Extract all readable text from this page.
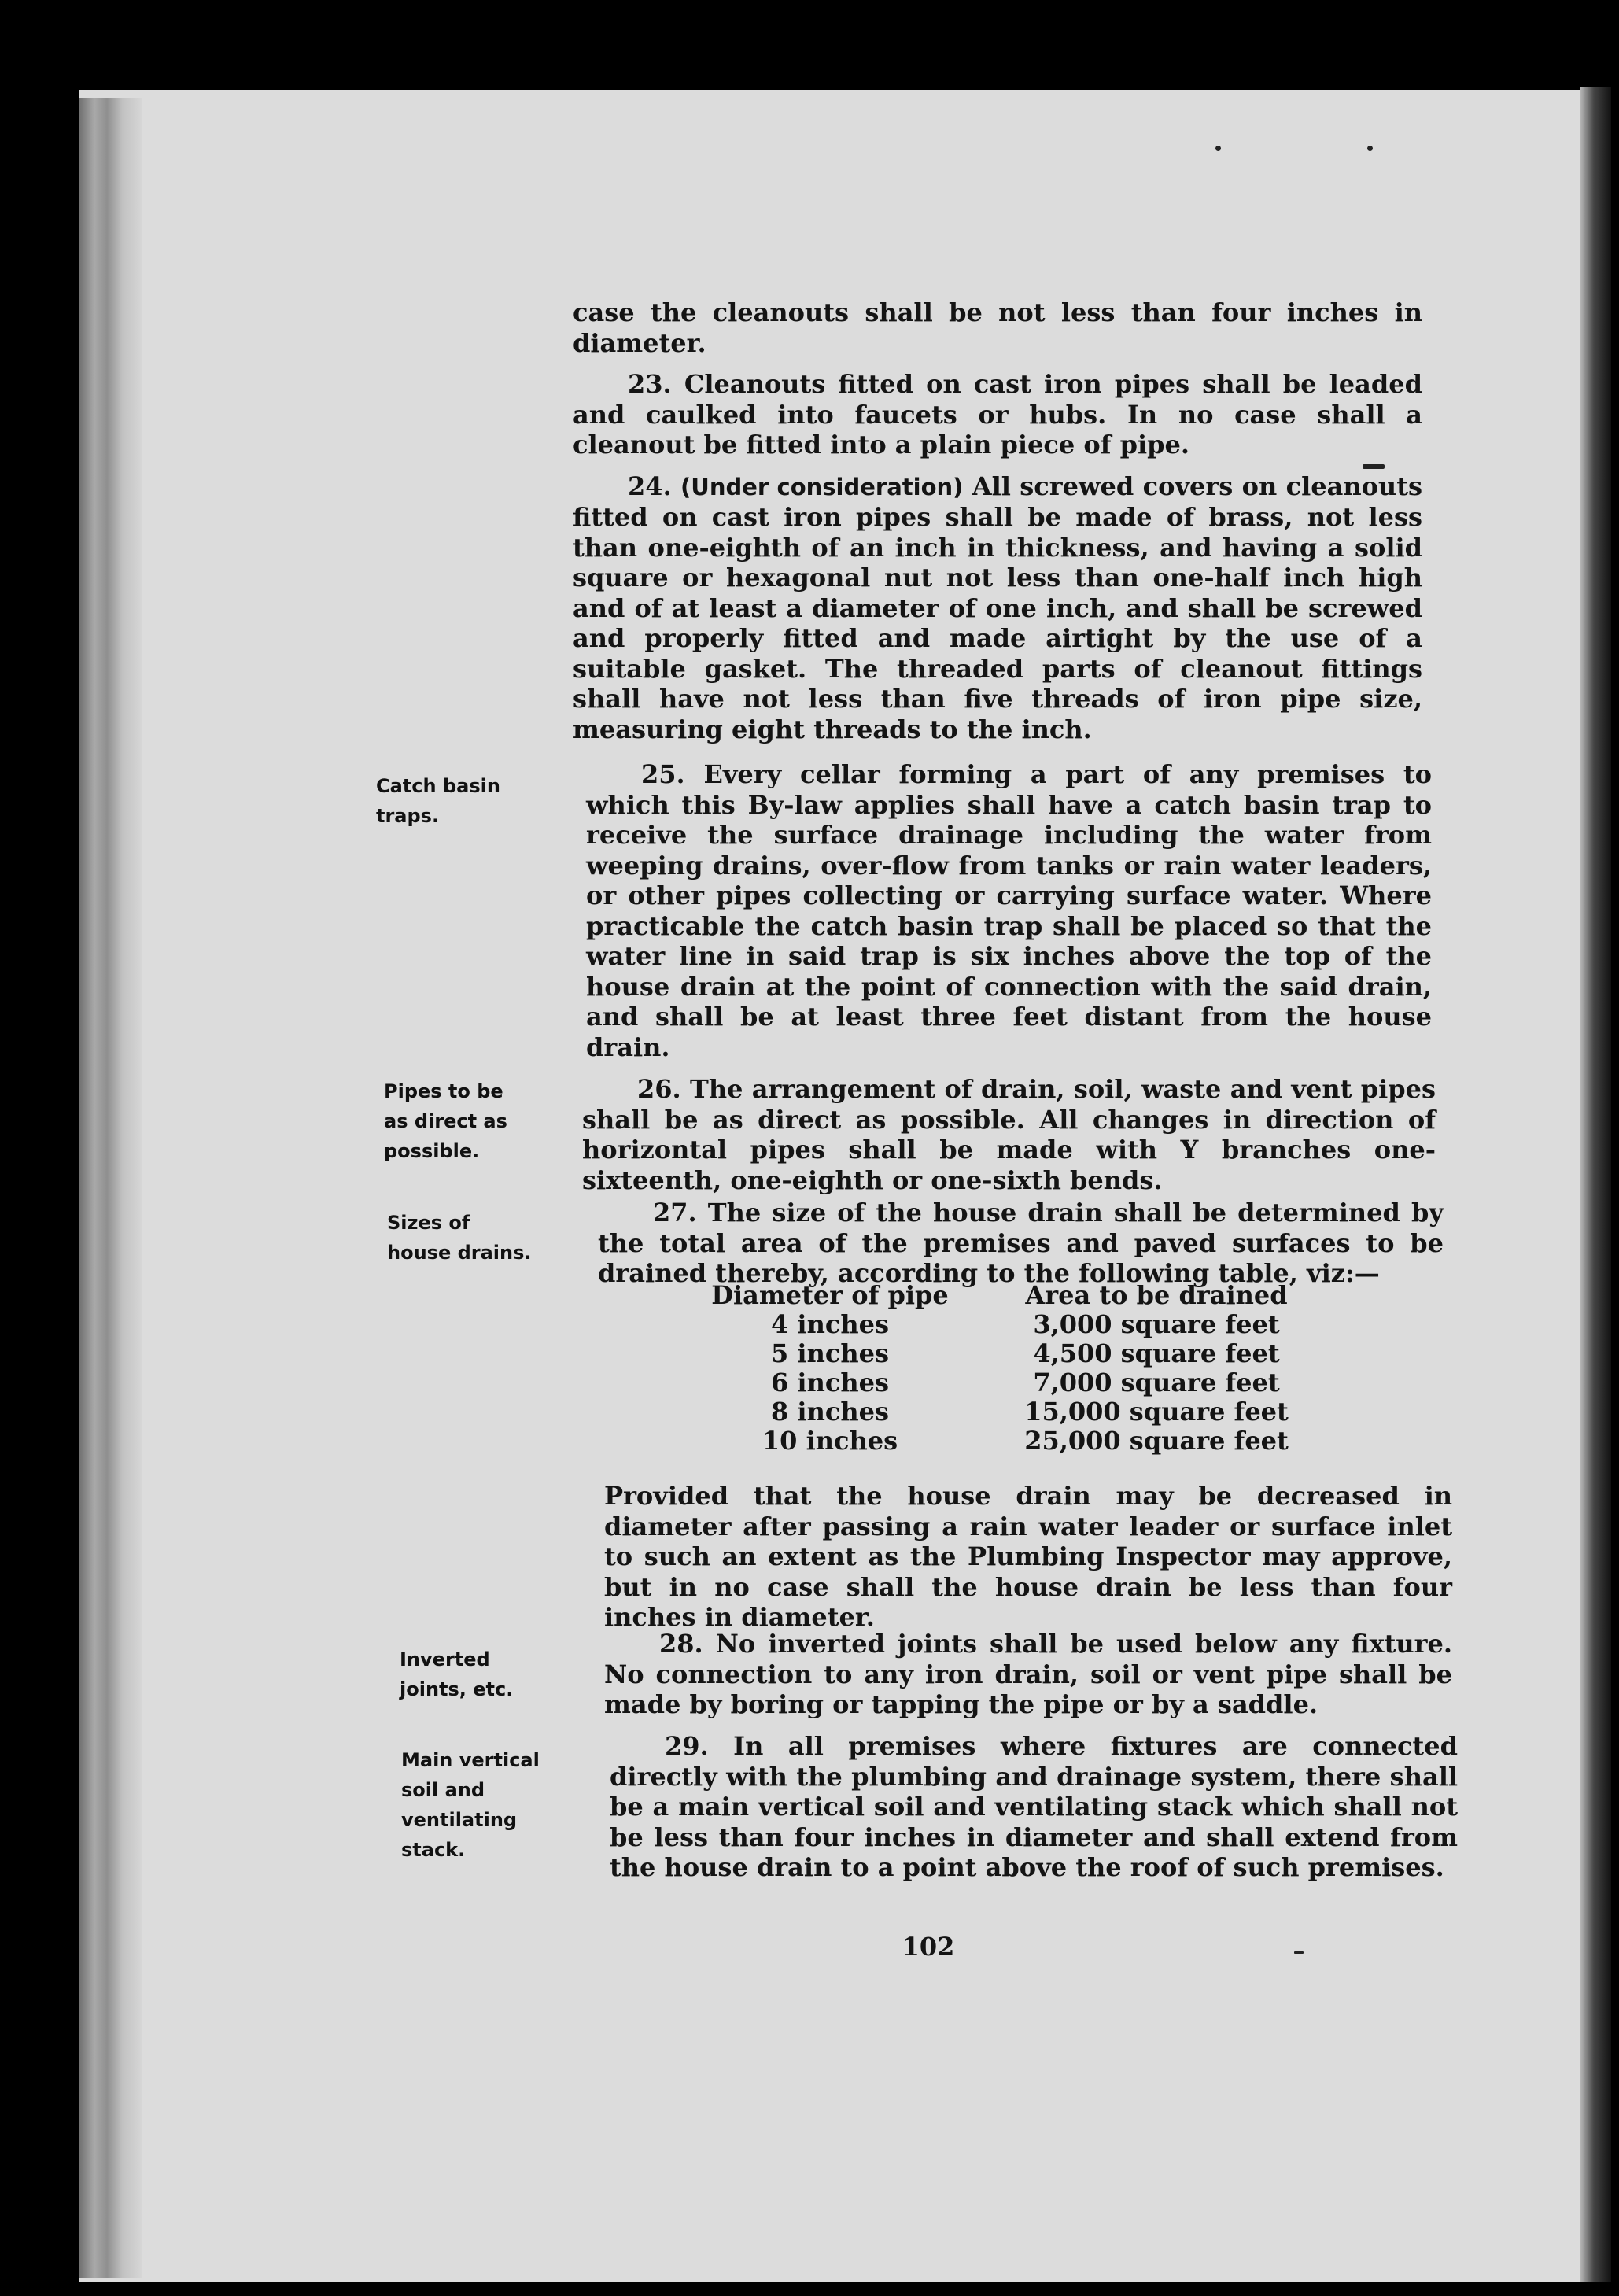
case the cleanouts shall be not less than four inches in diameter.

23. Cleanouts fitted on cast iron pipes shall be leaded and caulked into faucets or hubs. In no case shall a cleanout be fitted into a plain piece of pipe.

24. (Under consideration) All screwed covers on cleanouts fitted on cast iron pipes shall be made of brass, not less than one-eighth of an inch in thickness, and having a solid square or hexagonal nut not less than one-half inch high and of at least a diameter of one inch, and shall be screwed and properly fitted and made airtight by the use of a suitable gasket. The threaded parts of cleanout fittings shall have not less than five threads of iron pipe size, measuring eight threads to the inch.

Catch basin
traps.

25. Every cellar forming a part of any premises to which this By-law applies shall have a catch basin trap to receive the surface drainage including the water from weeping drains, over-flow from tanks or rain water leaders, or other pipes collecting or carrying surface water. Where practicable the catch basin trap shall be placed so that the water line in said trap is six inches above the top of the house drain at the point of connection with the said drain, and shall be at least three feet distant from the house drain.

Pipes to be
as direct as
possible.

26. The arrangement of drain, soil, waste and vent pipes shall be as direct as possible. All changes in direction of horizontal pipes shall be made with Y branches one-sixteenth, one-eighth or one-sixth bends.

Sizes of
house drains.

27. The size of the house drain shall be determined by the total area of the premises and paved surfaces to be drained thereby, according to the following table, viz:—

Diameter of pipe	Area to be drained
4 inches	3,000 square feet
5 inches	4,500 square feet
6 inches	7,000 square feet
8 inches	15,000 square feet
10 inches	25,000 square feet

Provided that the house drain may be decreased in diameter after passing a rain water leader or surface inlet to such an extent as the Plumbing Inspector may approve, but in no case shall the house drain be less than four inches in diameter.

Inverted
joints, etc.

28. No inverted joints shall be used below any fixture. No connection to any iron drain, soil or vent pipe shall be made by boring or tapping the pipe or by a saddle.

Main vertical
soil and
ventilating
stack.

29. In all premises where fixtures are connected directly with the plumbing and drainage system, there shall be a main vertical soil and ventilating stack which shall not be less than four inches in diameter and shall extend from the house drain to a point above the roof of such premises.

102
